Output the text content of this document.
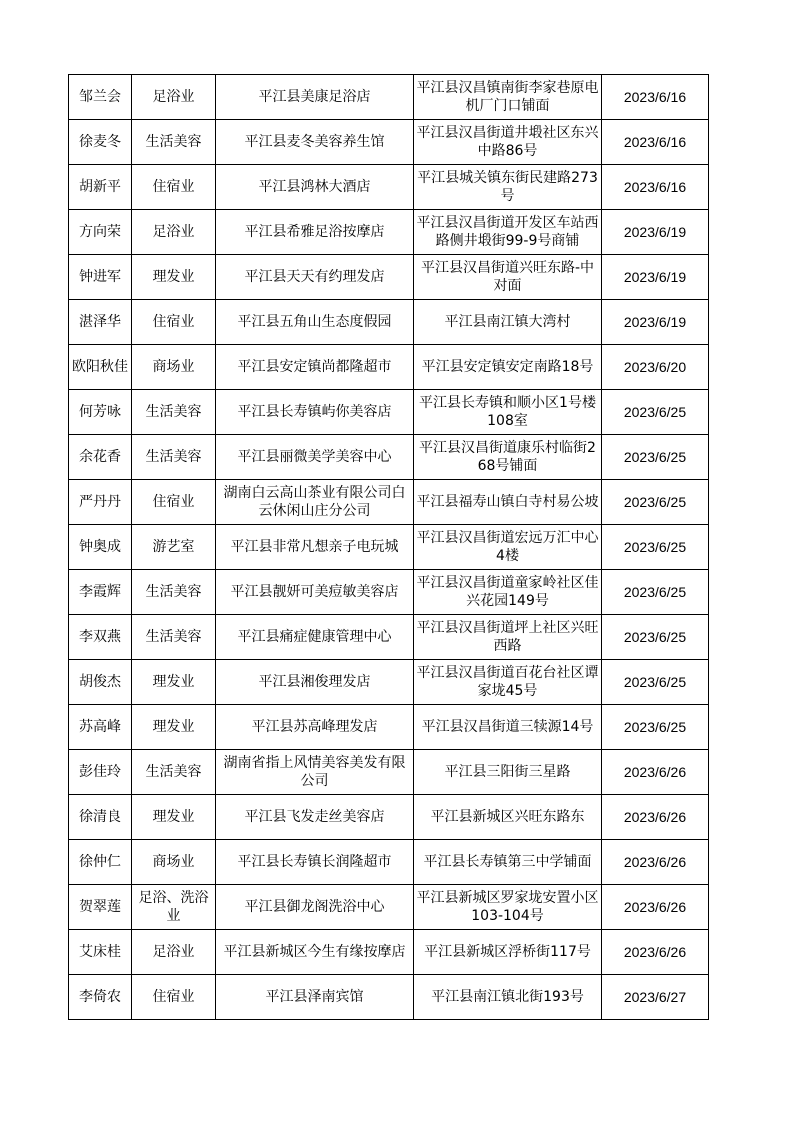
邹兰会	足浴业	平江县美康足浴店	平江县汉昌镇南街李家巷原电机厂门口铺面	2023/6/16

徐麦冬	生活美容	平江县麦冬美容养生馆	平江县汉昌街道井塅社区东兴中路86号	2023/6/16

胡新平	住宿业	平江县鸿林大酒店	平江县城关镇东街民建路273号	2023/6/16

方向荣	足浴业	平江县希雅足浴按摩店	平江县汉昌街道开发区车站西路侧井塅街99-9号商铺	2023/6/19

钟进军	理发业	平江县天天有约理发店	平江县汉昌街道兴旺东路-中对面	2023/6/19

湛泽华	住宿业	平江县五角山生态度假园	平江县南江镇大湾村	2023/6/19

欧阳秋佳	商场业	平江县安定镇尚都隆超市	平江县安定镇安定南路18号	2023/6/20

何芳咏	生活美容	平江县长寿镇屿你美容店	平江县长寿镇和顺小区1号楼108室	2023/6/25

余花香	生活美容	平江县丽微美学美容中心	平江县汉昌街道康乐村临街268号铺面	2023/6/25

严丹丹	住宿业	湖南白云高山茶业有限公司白云休闲山庄分公司	平江县福寿山镇白寺村易公坡	2023/6/25

钟奥成	游艺室	平江县非常凡想亲子电玩城	平江县汉昌街道宏远万汇中心4楼	2023/6/25

李霞辉	生活美容	平江县靓妍可美痘敏美容店	平江县汉昌街道童家岭社区佳兴花园149号	2023/6/25

李双燕	生活美容	平江县痛症健康管理中心	平江县汉昌街道坪上社区兴旺西路	2023/6/25

胡俊杰	理发业	平江县湘俊理发店	平江县汉昌街道百花台社区谭家垅45号	2023/6/25

苏高峰	理发业	平江县苏高峰理发店	平江县汉昌街道三犊源14号	2023/6/25

彭佳玲	生活美容	湖南省指上风情美容美发有限公司	平江县三阳街三星路	2023/6/26

徐清良	理发业	平江县飞发走丝美容店	平江县新城区兴旺东路东	2023/6/26

徐仲仁	商场业	平江县长寿镇长润隆超市	平江县长寿镇第三中学铺面	2023/6/26

贺翠莲	足浴、洗浴业	平江县御龙阁洗浴中心	平江县新城区罗家垅安置小区103-104号	2023/6/26

艾床桂	足浴业	平江县新城区今生有缘按摩店	平江县新城区浮桥街117号	2023/6/26

李倚农	住宿业	平江县泽南宾馆	平江县南江镇北街193号	2023/6/27
